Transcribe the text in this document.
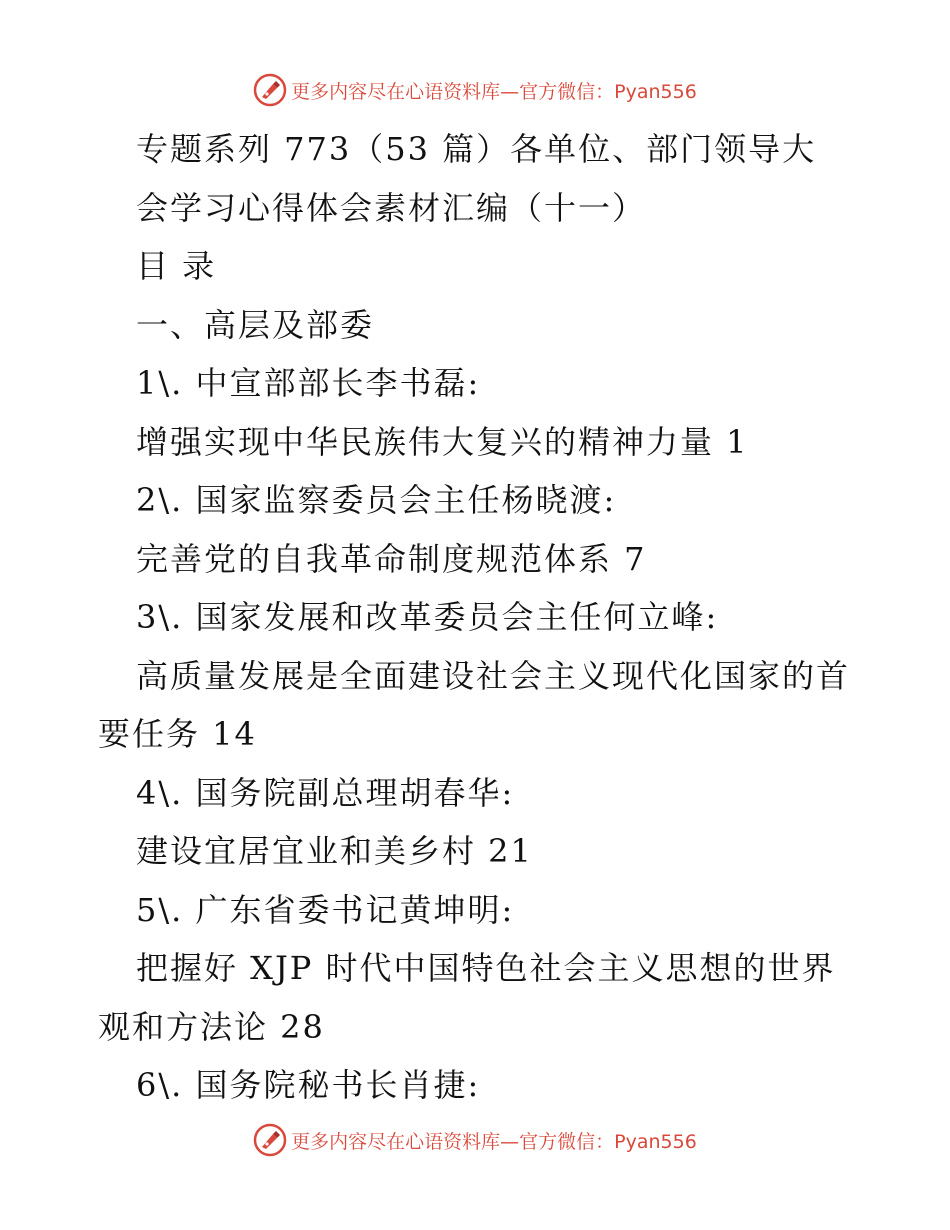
更多内容尽在心语资料库—官方微信：Pyan556
专题系列 773（53 篇）各单位、部门领导大
会学习心得体会素材汇编（十一）
目 录
一、高层及部委
1\. 中宣部部长李书磊:
增强实现中华民族伟大复兴的精神力量 1
2\. 国家监察委员会主任杨晓渡:
完善党的自我革命制度规范体系 7
3\. 国家发展和改革委员会主任何立峰:
高质量发展是全面建设社会主义现代化国家的首
要任务 14
4\. 国务院副总理胡春华:
建设宜居宜业和美乡村 21
5\. 广东省委书记黄坤明:
把握好 XJP 时代中国特色社会主义思想的世界
观和方法论 28
6\. 国务院秘书长肖捷:
更多内容尽在心语资料库—官方微信：Pyan556
